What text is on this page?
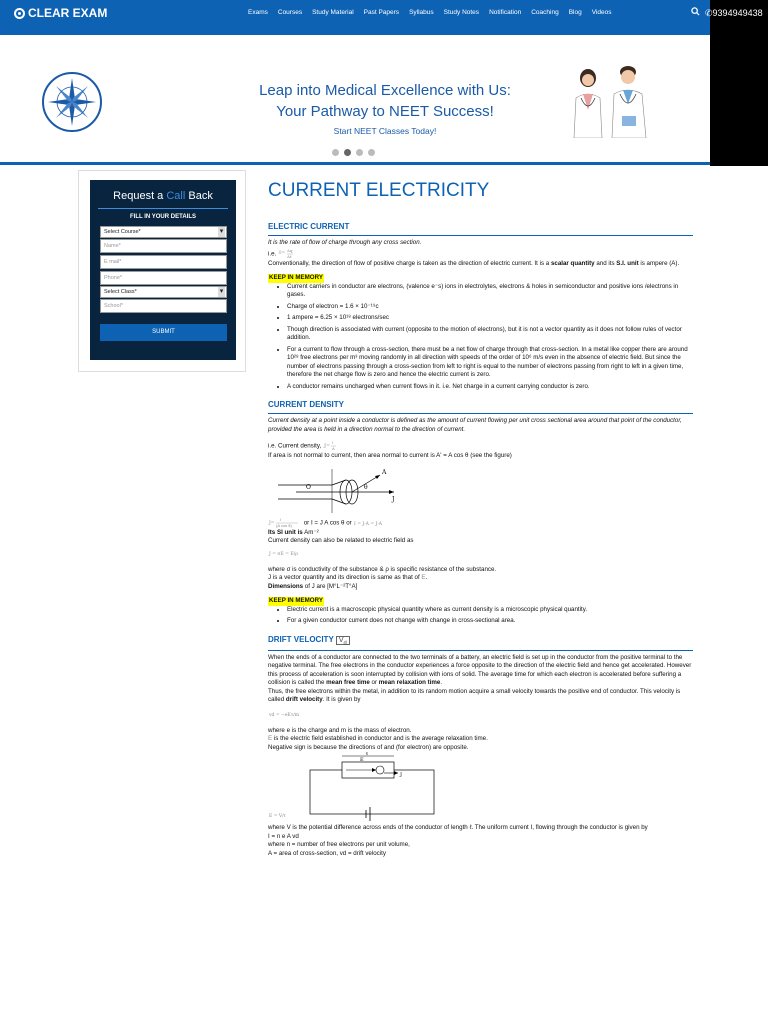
CLEAR EXAM	Exams Courses Study Material Past Papers Syllabus Study Notes Notification Coaching Blog Videos	✆9394949438
Leap into Medical Excellence with Us:
Your Pathway to NEET Success!
Start NEET Classes Today!
Request a Call Back
FILL IN YOUR DETAILS
Select Course* ▾
Name*
E mail*
Phone*
Select Class* ▾
School*
SUBMIT
CURRENT ELECTRICITY
ELECTRIC CURRENT

It is the rate of flow of charge through any cross section.

i.e. I= Δq
Δt

Conventionally, the direction of flow of positive charge is taken as the direction of electric current. It is a scalar quantity and its S.I. unit is ampere (A).

KEEP IN MEMORY

• Current carriers in conductor are electrons, (valence e⁻s) ions in electrolytes, electrons & holes in semiconductor and positive ions /electrons in gases.
• Charge of electron = 1.6 × 10⁻¹⁹c
• 1 ampere = 6.25 × 10¹⁸ electrons/sec
• Though direction is associated with current (opposite to the motion of electrons), but it is not a vector quantity as it does not follow rules of vector addition.
• For a current to flow through a cross-section, there must be a net flow of charge through that cross-section. In a metal like copper there are around 10²⁸ free electrons per m³ moving randomly in all direction with speeds of the order of 10⁶ m/s even in the absence of electric field. But since the number of electrons passing through a cross-section from left to right is equal to the number of electrons passing from right to left in a given time, therefore the net charge flow is zero and hence the electric current is zero.
• A conductor remains uncharged when current flows in it. i.e. Net charge in a current carrying conductor is zero.
CURRENT DENSITY

Current density at a point inside a conductor is defined as the amount of current flowing per unit cross sectional area around that point of the conductor, provided the area is held in a direction normal to the direction of current.

i.e. Current density, J=
I
A

If area is not normal to current, then area normal to current is A' = A cos θ (see the figure)

O
A
θ
J

J=
I
(A cos θ) or I = J A cos θ or I = J·A = J·A

Its SI unit is Am⁻²

Current density can also be related to electric field as

J = σE = E/ρ

where σ is conductivity of the substance & ρ is specific resistance of the substance.

J is a vector quantity and its direction is same as that of E.

Dimensions of J are [M°L⁻²T°A]

KEEP IN MEMORY

• Electric current is a macroscopic physical quantity where as current density is a microscopic physical quantity.
• For a given conductor current does not change with change in cross-sectional area.
DRIFT VELOCITY $V_d$

When the ends of a conductor are connected to the two terminals of a battery, an electric field is set up in the conductor from the positive terminal to the negative terminal. The free electrons in the conductor experiences a force opposite to the direction of the electric field and hence get accelerated. However this process of acceleration is soon interrupted by collision with ions of solid. The average time for which each electron is accelerated before suffering a collision is called the mean free time or mean relaxation time.

Thus, the free electrons within the metal, in addition to its random motion acquire a small velocity towards the positive end of conductor. This velocity is called drift velocity. It is given by

vd = −eEτ/m

where e is the charge and m is the mass of electron.

E is the electric field established in conductor and is the average relaxation time.

Negative sign is because the directions of and (for electron) are opposite.

E = V/ℓ

ℓ
E
J

where V is the potential difference across ends of the conductor of length ℓ. The uniform current I, flowing through the conductor is given by

I = n e A vd

where n = number of free electrons per unit volume,

A = area of cross-section, vd = drift velocity
